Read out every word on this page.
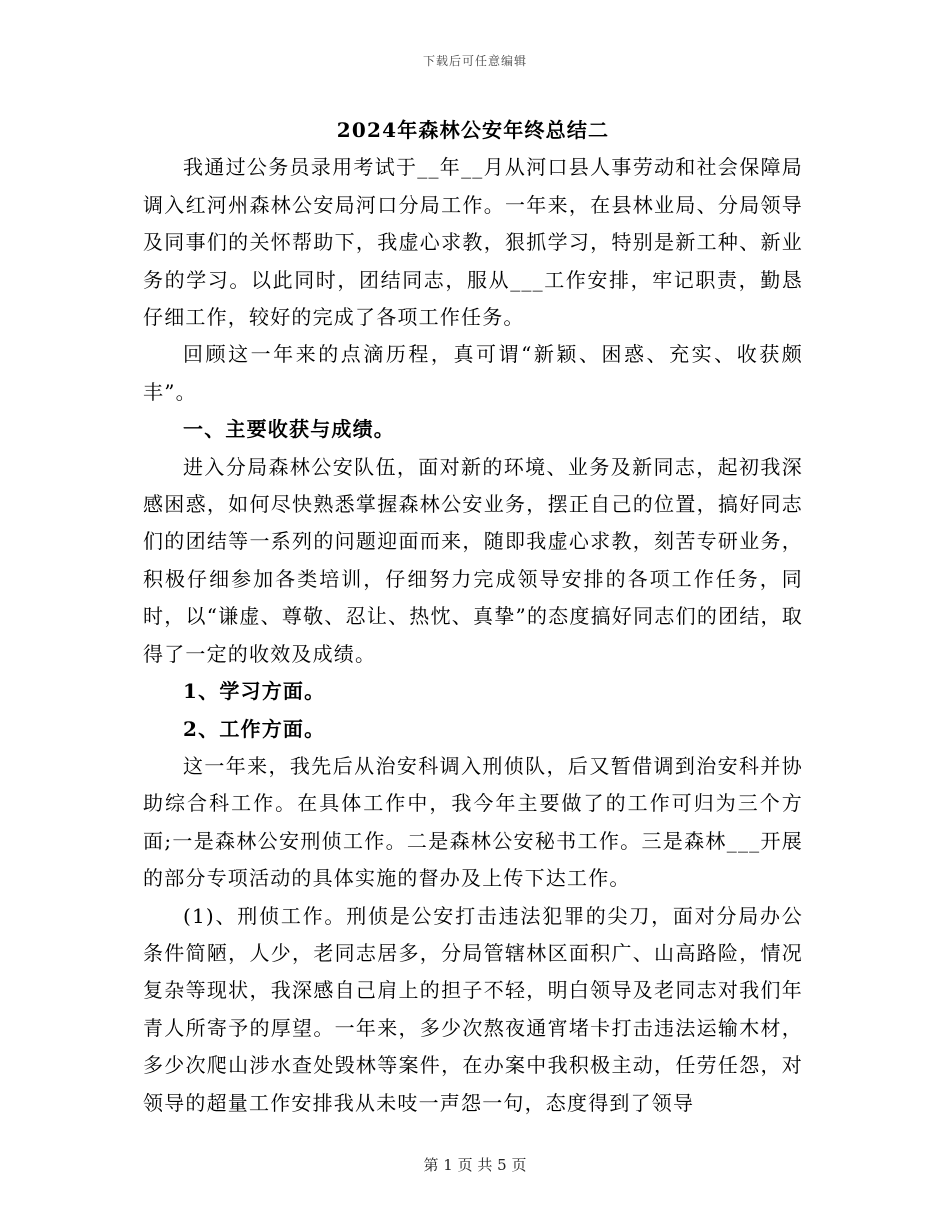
下载后可任意编辑

2024年森林公安年终总结二

我通过公务员录用考试于__年__月从河口县人事劳动和社会保障局调入红河州森林公安局河口分局工作。一年来，在县林业局、分局领导及同事们的关怀帮助下，我虚心求教，狠抓学习，特别是新工种、新业务的学习。以此同时，团结同志，服从___工作安排，牢记职责，勤恳仔细工作，较好的完成了各项工作任务。

回顾这一年来的点滴历程，真可谓“新颖、困惑、充实、收获颇丰”。

一、主要收获与成绩。

进入分局森林公安队伍，面对新的环境、业务及新同志，起初我深感困惑，如何尽快熟悉掌握森林公安业务，摆正自己的位置，搞好同志们的团结等一系列的问题迎面而来，随即我虚心求教，刻苦专研业务，积极仔细参加各类培训，仔细努力完成领导安排的各项工作任务，同时，以“谦虚、尊敬、忍让、热忱、真挚”的态度搞好同志们的团结，取得了一定的收效及成绩。

1、学习方面。

2、工作方面。

这一年来，我先后从治安科调入刑侦队，后又暂借调到治安科并协助综合科工作。在具体工作中，我今年主要做了的工作可归为三个方面;一是森林公安刑侦工作。二是森林公安秘书工作。三是森林___开展的部分专项活动的具体实施的督办及上传下达工作。

(1)、刑侦工作。刑侦是公安打击违法犯罪的尖刀，面对分局办公条件简陋，人少，老同志居多，分局管辖林区面积广、山高路险，情况复杂等现状，我深感自己肩上的担子不轻，明白领导及老同志对我们年青人所寄予的厚望。一年来，多少次熬夜通宵堵卡打击违法运输木材，多少次爬山涉水查处毁林等案件，在办案中我积极主动，任劳任怨，对领导的超量工作安排我从未吱一声怨一句，态度得到了领导

第 1 页 共 5 页
